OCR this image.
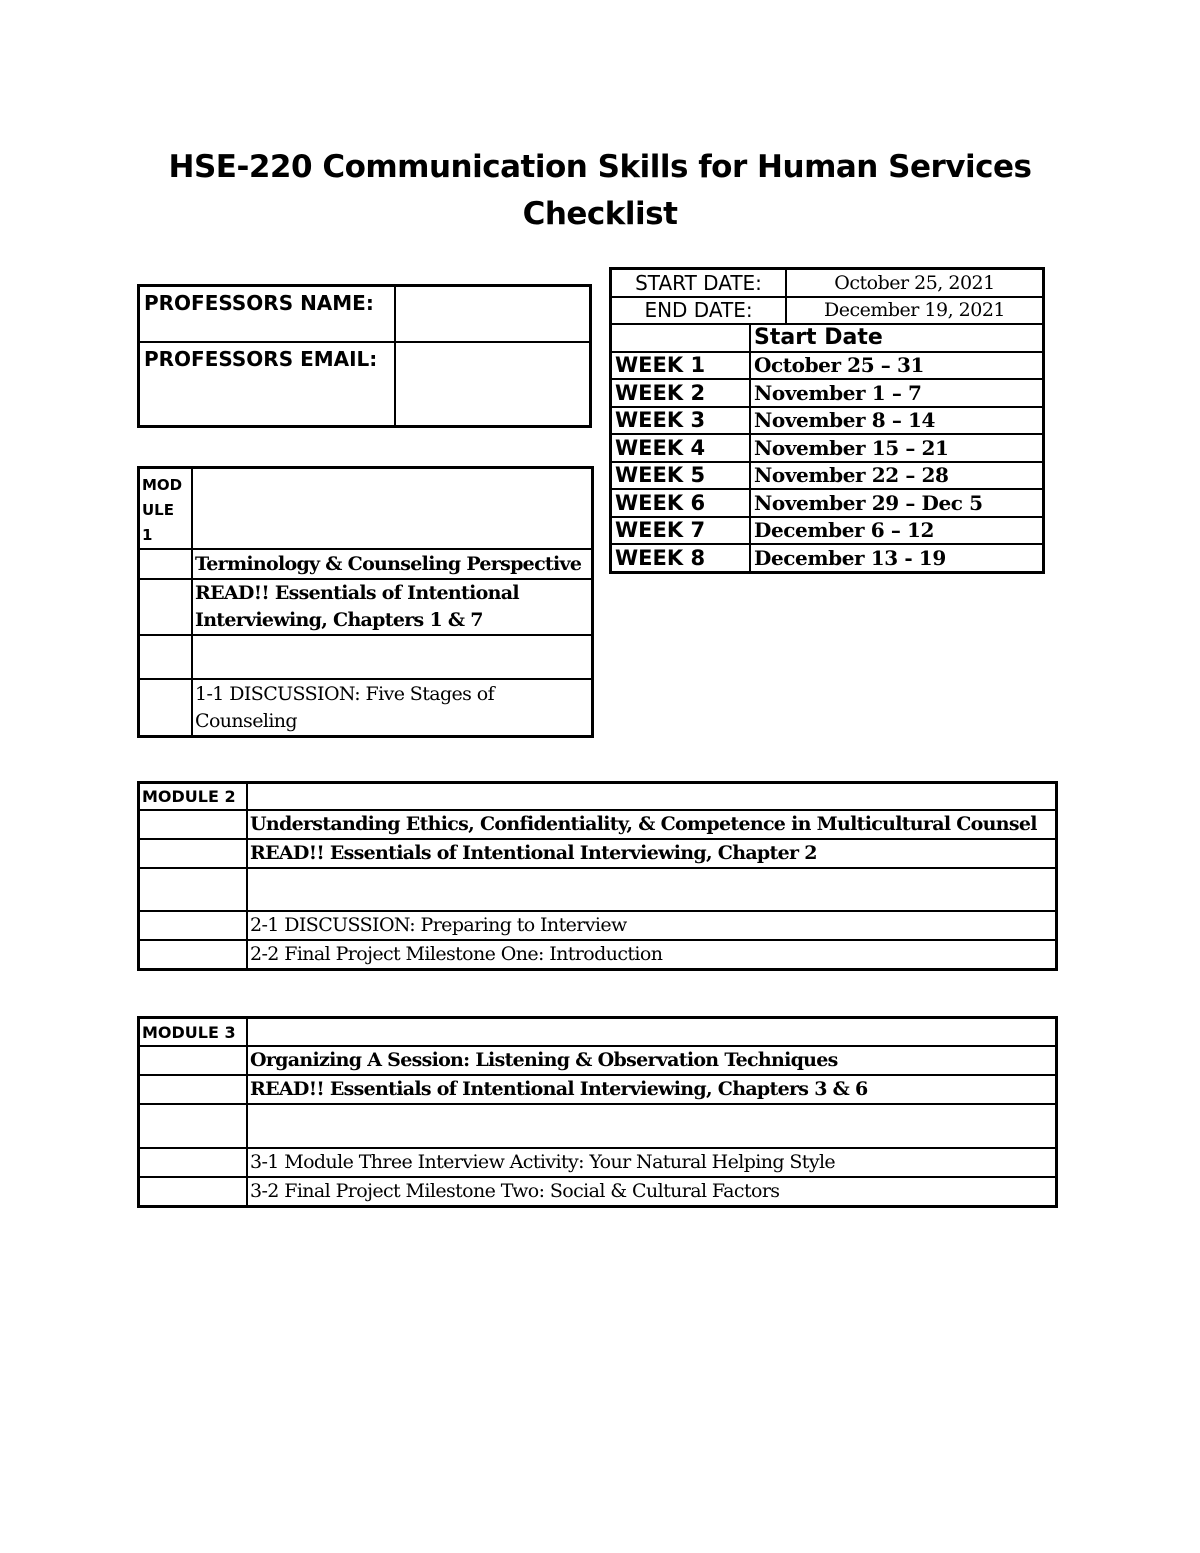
HSE-220 Communication Skills for Human Services
Checklist
PROFESSORS NAME:	
PROFESSORS EMAIL:	
START DATE:		October 25, 2021
END DATE:		December 19, 2021
	Start Date	
WEEK 1	October 25 – 31	
WEEK 2	November 1 – 7	
WEEK 3	November 8 – 14	
WEEK 4	November 15 – 21	
WEEK 5	November 22 – 28	
WEEK 6	November 29 – Dec 5	
WEEK 7	December 6 – 12	
WEEK 8	December 13 - 19	
MODULE 1	
	Terminology & Counseling Perspective
	READ!! Essentials of Intentional Interviewing, Chapters 1 & 7

	1-1 DISCUSSION: Five Stages of Counseling
MODULE 2	
	Understanding Ethics, Confidentiality, & Competence in Multicultural Counsel
	READ!! Essentials of Intentional Interviewing, Chapter 2

	2-1 DISCUSSION: Preparing to Interview
	2-2 Final Project Milestone One: Introduction
MODULE 3	
	Organizing A Session: Listening & Observation Techniques
	READ!! Essentials of Intentional Interviewing, Chapters 3 & 6

	3-1 Module Three Interview Activity: Your Natural Helping Style
	3-2 Final Project Milestone Two: Social & Cultural Factors
